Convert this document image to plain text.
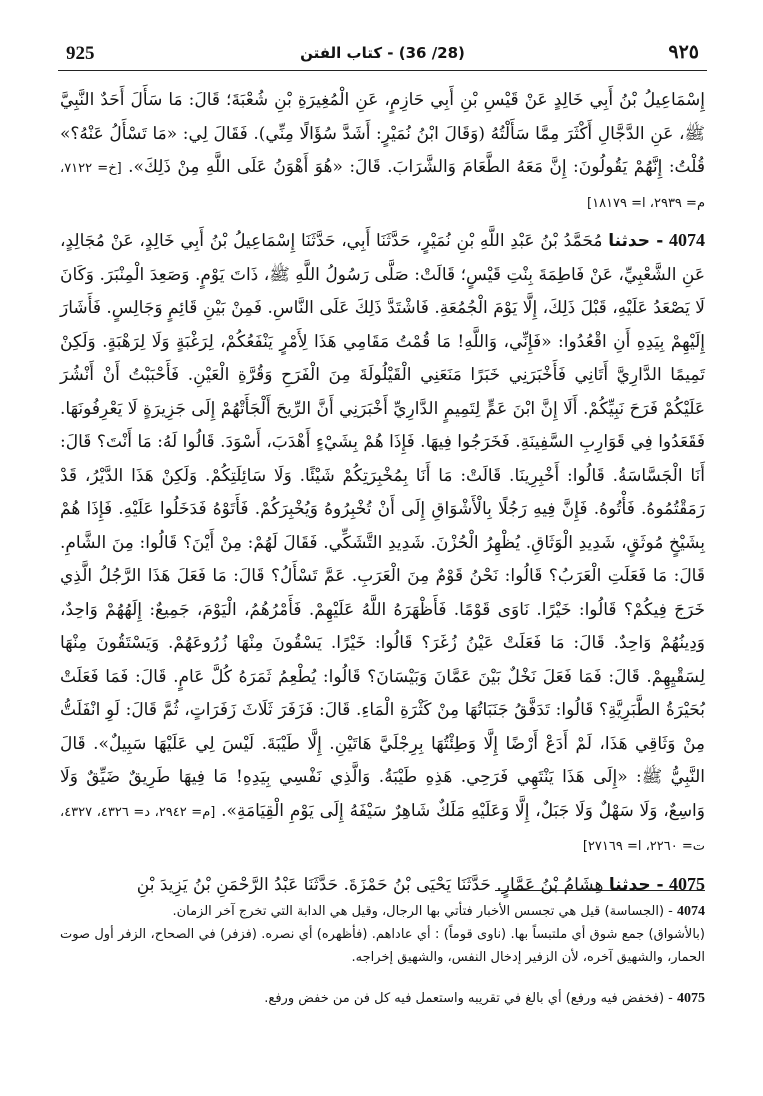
925	(28/ 36) - كتاب الفتن	٩٢٥

إِسْمَاعِيلُ بْنُ أَبِي خَالِدٍ عَنْ قَيْسِ بْنِ أَبِي حَازِمٍ، عَنِ الْمُغِيرَةِ بْنِ شُعْبَةَ؛ قَالَ: مَا سَأَلَ أَحَدٌ النَّبِيَّ ﷺ، عَنِ الدَّجَّالِ أَكْثَرَ مِمَّا سَأَلْتُهُ (وَقَالَ ابْنُ نُمَيْرٍ: أَشَدَّ سُؤَالًا مِنِّي). فَقَالَ لِي: «مَا تَسْأَلُ عَنْهُ؟» قُلْتُ: إِنَّهُمْ يَقُولُونَ: إِنَّ مَعَهُ الطَّعَامَ وَالشَّرَابَ. قَالَ: «هُوَ أَهْوَنُ عَلَى اللَّهِ مِنْ ذَلِكَ». [خ= ٧١٢٢، م= ٢٩٣٩، ا= ١٨١٧٩]

4074 - حدثنا مُحَمَّدُ بْنُ عَبْدِ اللَّهِ بْنِ نُمَيْرٍ، حَدَّثَنَا أَبِي، حَدَّثَنَا إِسْمَاعِيلُ بْنُ أَبِي خَالِدٍ، عَنْ مُجَالِدٍ، عَنِ الشَّعْبِيِّ، عَنْ فَاطِمَةَ بِنْتِ قَيْسٍ؛ قَالَتْ: صَلَّى رَسُولُ اللَّهِ ﷺ، ذَاتَ يَوْمٍ. وَصَعِدَ الْمِنْبَرَ. وَكَانَ لَا يَصْعَدُ عَلَيْهِ، قَبْلَ ذَلِكَ، إِلَّا يَوْمَ الْجُمُعَةِ. فَاشْتَدَّ ذَلِكَ عَلَى النَّاسِ. فَمِنْ بَيْنِ قَائِمٍ وَجَالِسٍ. فَأَشَارَ إِلَيْهِمْ بِيَدِهِ أَنِ اقْعُدُوا: «فَإِنِّي، وَاللَّهِ! مَا قُمْتُ مَقَامِي هَذَا لِأَمْرٍ يَنْفَعُكُمْ، لِرَغْبَةٍ وَلَا لِرَهْبَةٍ. وَلَكِنْ تَمِيمًا الدَّارِيَّ أَتَانِي فَأَخْبَرَنِي خَبَرًا مَنَعَنِي الْقَيْلُولَةَ مِنَ الْفَرَحِ وَقُرَّةِ الْعَيْنِ. فَأَحْبَبْتُ أَنْ أَنْشُرَ عَلَيْكُمْ فَرَحَ نَبِيِّكُمْ. أَلَا إِنَّ ابْنَ عَمٍّ لِتَمِيمٍ الدَّارِيِّ أَخْبَرَنِي أَنَّ الرِّيحَ أَلْجَأَتْهُمْ إِلَى جَزِيرَةٍ لَا يَعْرِفُونَهَا. فَقَعَدُوا فِي قَوَارِبِ السَّفِينَةِ. فَخَرَجُوا فِيهَا. فَإِذَا هُمْ بِشَيْءٍ أَهْدَبَ، أَسْوَدَ. قَالُوا لَهُ: مَا أَنْتَ؟ قَالَ: أَنَا الْجَسَّاسَةُ. قَالُوا: أَخْبِرِينَا. قَالَتْ: مَا أَنَا بِمُخْبِرَتِكُمْ شَيْئًا. وَلَا سَائِلَتِكُمْ. وَلَكِنْ هَذَا الدَّيْرُ، قَدْ رَمَقْتُمُوهُ. فَأْتُوهُ. فَإِنَّ فِيهِ رَجُلًا بِالْأَشْوَاقِ إِلَى أَنْ تُخْبِرُوهُ وَيُخْبِرَكُمْ. فَأَتَوْهُ فَدَخَلُوا عَلَيْهِ. فَإِذَا هُمْ بِشَيْخٍ مُوثَقٍ، شَدِيدِ الْوَثَاقِ. يُظْهِرُ الْحُزْنَ. شَدِيدِ التَّشَكِّي. فَقَالَ لَهُمْ: مِنْ أَيْنَ؟ قَالُوا: مِنَ الشَّامِ. قَالَ: مَا فَعَلَتِ الْعَرَبُ؟ قَالُوا: نَحْنُ قَوْمٌ مِنَ الْعَرَبِ. عَمَّ تَسْأَلُ؟ قَالَ: مَا فَعَلَ هَذَا الرَّجُلُ الَّذِي خَرَجَ فِيكُمْ؟ قَالُوا: خَيْرًا. نَاوَى قَوْمًا. فَأَظْهَرَهُ اللَّهُ عَلَيْهِمْ. فَأَمْرُهُمُ، الْيَوْمَ، جَمِيعٌ: إِلَهُهُمْ وَاحِدٌ، وَدِينُهُمْ وَاحِدٌ. قَالَ: مَا فَعَلَتْ عَيْنُ زُغَرَ؟ قَالُوا: خَيْرًا. يَسْقُونَ مِنْهَا زُرُوعَهُمْ. وَيَسْتَقُونَ مِنْهَا لِسَقْيِهِمْ. قَالَ: فَمَا فَعَلَ نَخْلٌ بَيْنَ عَمَّانَ وَبَيْسَانَ؟ قَالُوا: يُطْعِمُ ثَمَرَهُ كُلَّ عَامٍ. قَالَ: فَمَا فَعَلَتْ بُحَيْرَةُ الطَّبَرِيَّةِ؟ قَالُوا: تَدَفَّقُ جَنَبَاتُهَا مِنْ كَثْرَةِ الْمَاءِ. قَالَ: فَزَفَرَ ثَلَاثَ زَفَرَاتٍ، ثُمَّ قَالَ: لَوِ انْفَلَتُّ مِنْ وَثَاقِي هَذَا، لَمْ أَدَعْ أَرْضًا إِلَّا وَطِئْتُهَا بِرِجْلَيَّ هَاتَيْنِ. إِلَّا طَيْبَةَ. لَيْسَ لِي عَلَيْهَا سَبِيلٌ». قَالَ النَّبِيُّ ﷺ: «إِلَى هَذَا يَنْتَهِي فَرَحِي. هَذِهِ طَيْبَةُ. وَالَّذِي نَفْسِي بِيَدِهِ! مَا فِيهَا طَرِيقٌ ضَيِّقٌ وَلَا وَاسِعٌ، وَلَا سَهْلٌ وَلَا جَبَلٌ، إِلَّا وَعَلَيْهِ مَلَكٌ شَاهِرٌ سَيْفَهُ إِلَى يَوْمِ الْقِيَامَةِ». [م= ٢٩٤٢، د= ٤٣٢٦، ٤٣٢٧، ت= ٢٢٦٠، ا= ٢٧١٦٩]

4075 - حدثنا هِشَامُ بْنُ عَمَّارٍ. حَدَّثَنَا يَحْيَى بْنُ حَمْزَةَ. حَدَّثَنَا عَبْدُ الرَّحْمَنِ بْنُ يَزِيدَ بْنِ

4074 - (الجساسة) قيل هي تجسس الأخبار فتأتي بها الرجال، وقيل هي الدابة التي تخرج آخر الزمان.

(بالأشواق) جمع شوق أي ملتبساً بها. (ناوى قوماً) : أي عاداهم. (فأظهره) أي نصره. (فزفر) في الصحاح، الزفر أول صوت الحمار، والشهيق آخره، لأن الزفير إدخال النفس، والشهيق إخراجه.

4075 - (فخفض فيه ورفع) أي بالغ في تقريبه واستعمل فيه كل فن من خفض ورفع.
